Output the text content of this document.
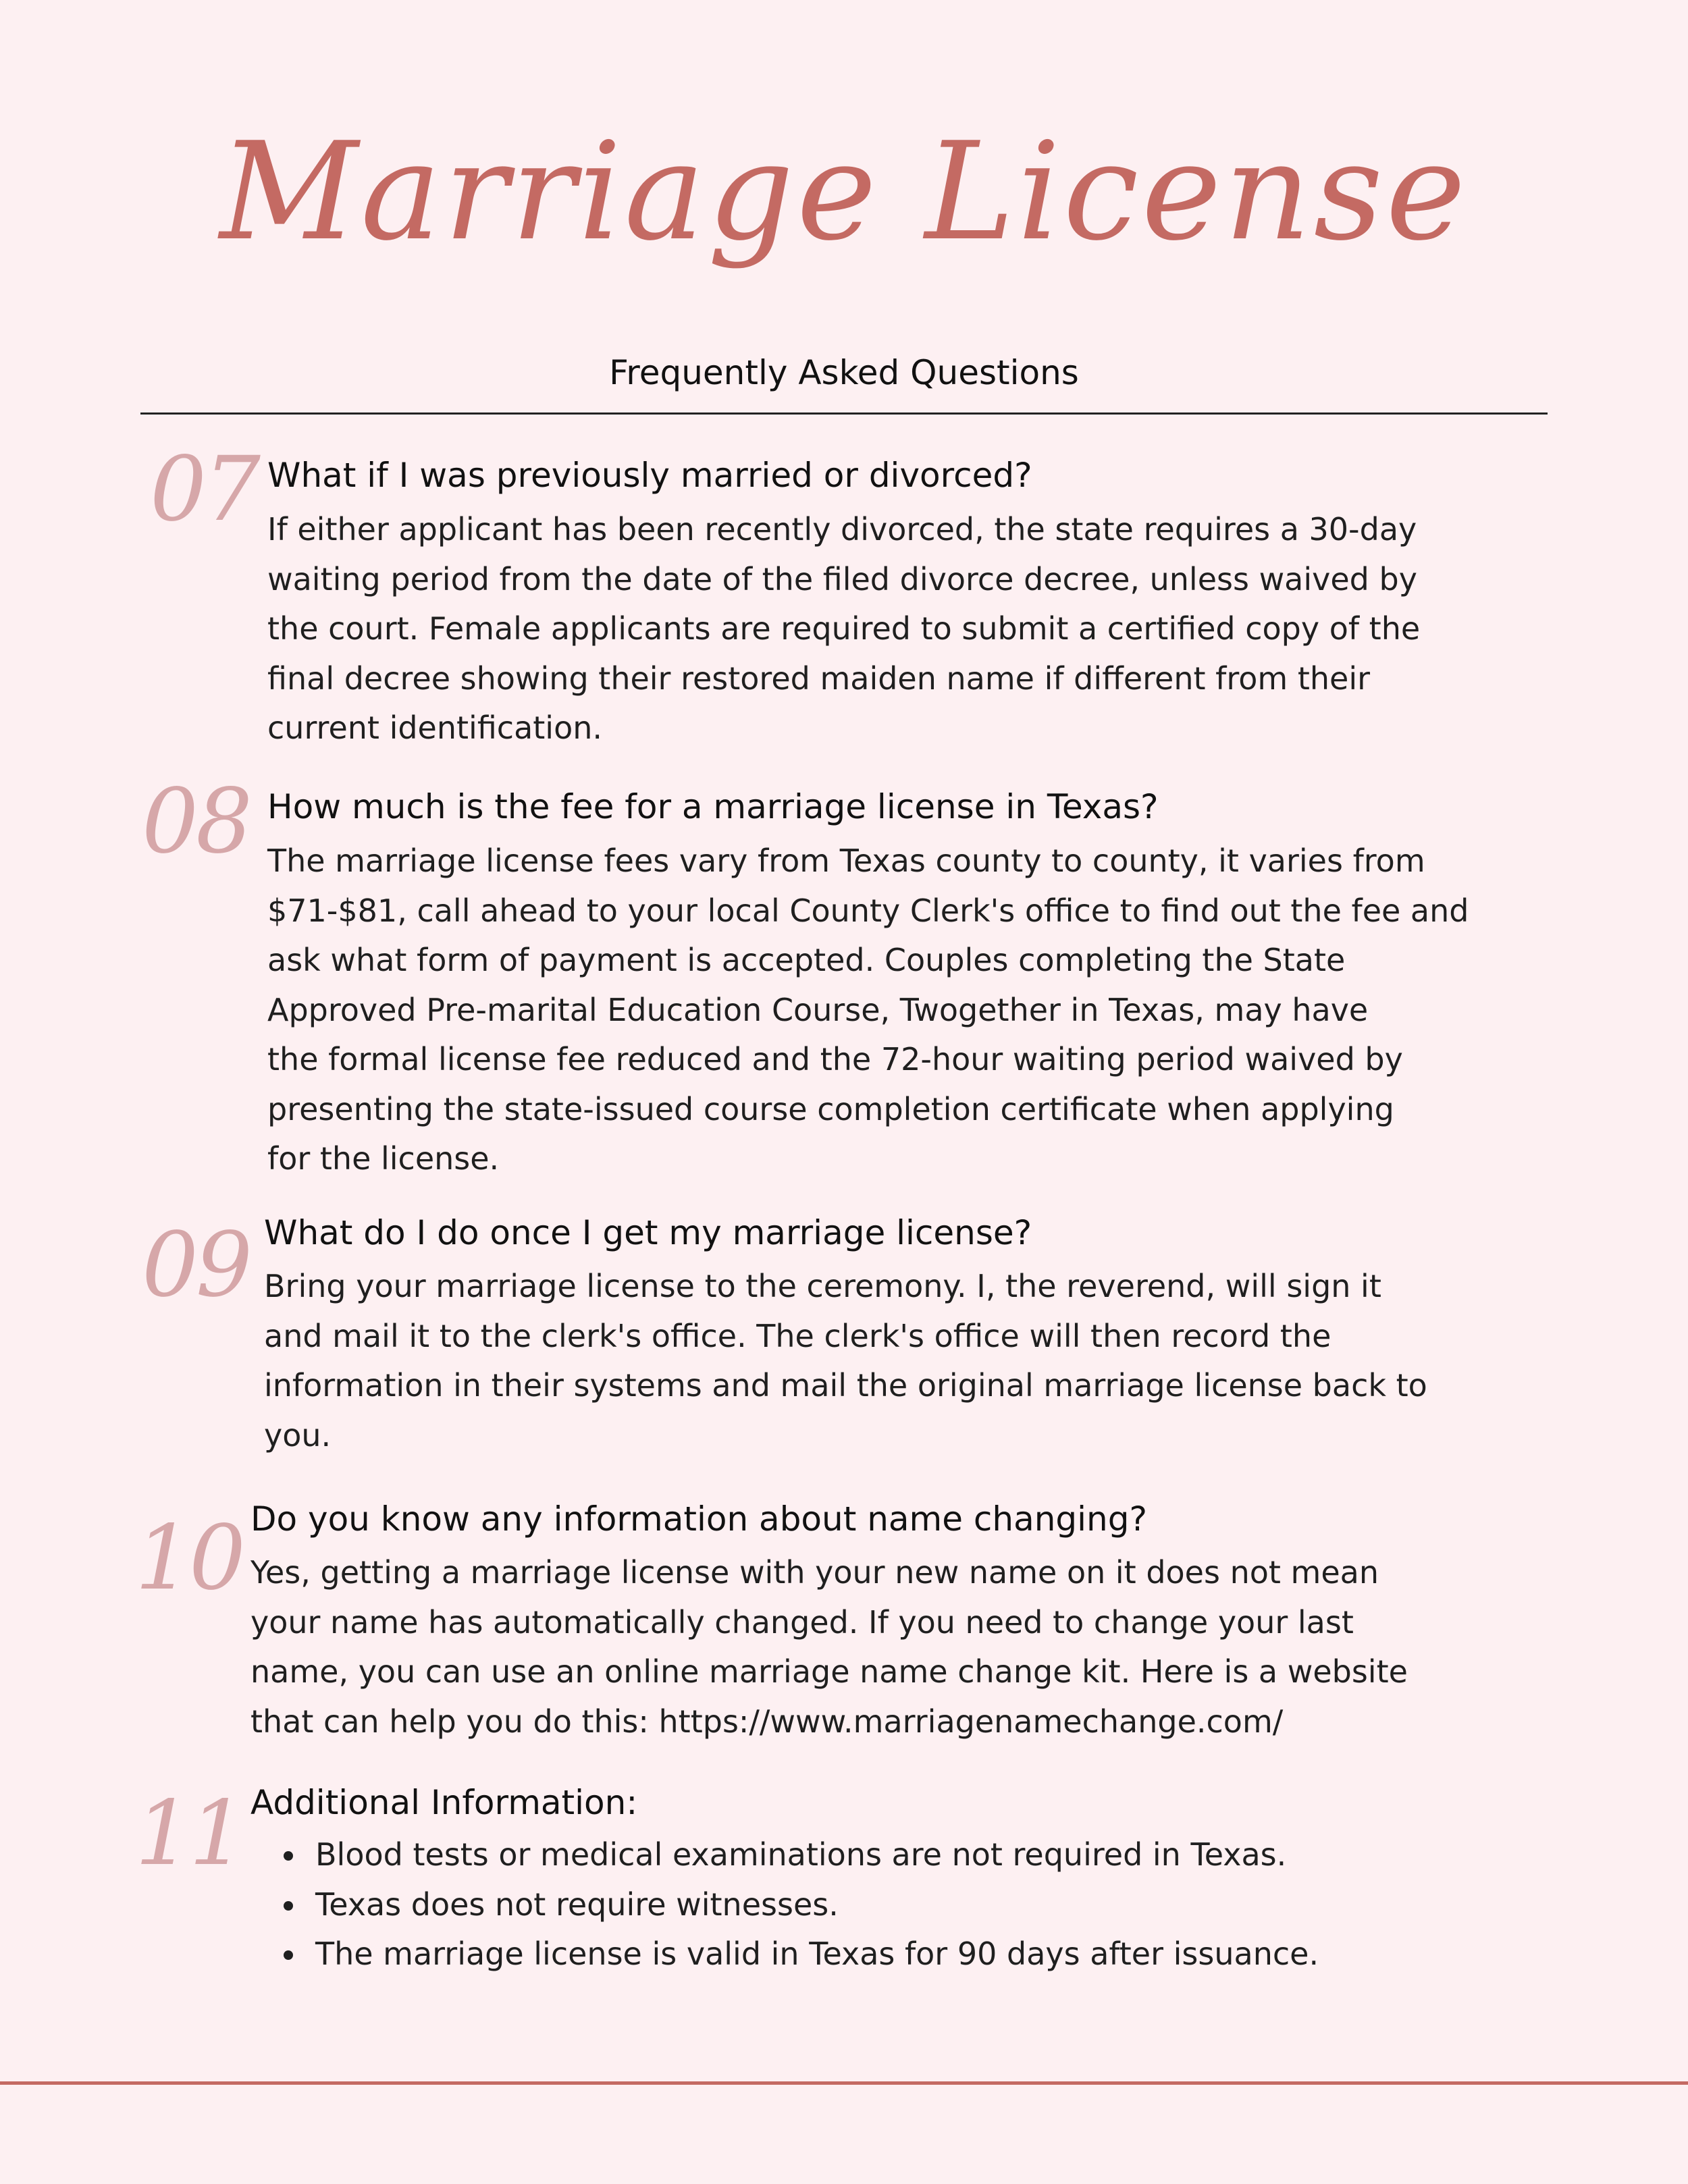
Marriage License
Frequently Asked Questions
07 What if I was previously married or divorced?
If either applicant has been recently divorced, the state requires a 30-day
waiting period from the date of the filed divorce decree, unless waived by
the court. Female applicants are required to submit a certified copy of the
final decree showing their restored maiden name if different from their
current identification.
08 How much is the fee for a marriage license in Texas?
The marriage license fees vary from Texas county to county, it varies from
$71-$81, call ahead to your local County Clerk's office to find out the fee and
ask what form of payment is accepted. Couples completing the State
Approved Pre-marital Education Course, Twogether in Texas, may have
the formal license fee reduced and the 72-hour waiting period waived by
presenting the state-issued course completion certificate when applying
for the license.
09 What do I do once I get my marriage license?
Bring your marriage license to the ceremony. I, the reverend, will sign it
and mail it to the clerk's office. The clerk's office will then record the
information in their systems and mail the original marriage license back to
you.
10 Do you know any information about name changing?
Yes, getting a marriage license with your new name on it does not mean
your name has automatically changed. If you need to change your last
name, you can use an online marriage name change kit. Here is a website
that can help you do this: https://www.marriagenamechange.com/
11 Additional Information:
• Blood tests or medical examinations are not required in Texas.
• Texas does not require witnesses.
• The marriage license is valid in Texas for 90 days after issuance.
